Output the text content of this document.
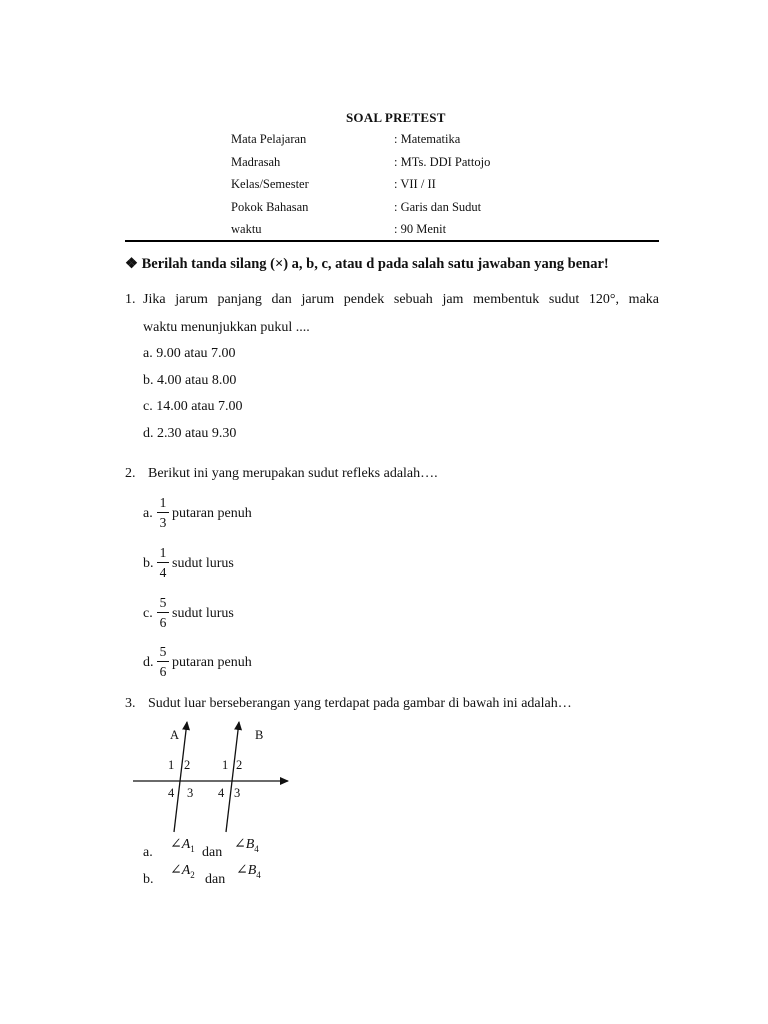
SOAL PRETEST
Mata Pelajaran	: Matematika
Madrasah	: MTs. DDI Pattojo
Kelas/Semester	: VII / II
Pokok Bahasan	: Garis dan Sudut
waktu	: 90 Menit
❖ Berilah tanda silang (×) a, b, c, atau d pada salah satu jawaban yang benar!
1. Jika jarum panjang dan jarum pendek sebuah jam membentuk sudut 120°, maka
waktu menunjukkan pukul ....
a. 9.00 atau 7.00
b. 4.00 atau 8.00
c. 14.00 atau 7.00
d. 2.30 atau 9.30
2. Berikut ini yang merupakan sudut refleks adalah….
a.
1
3
putaran penuh
b.
1
4
sudut lurus
c.
5
6
sudut lurus
d.
5
6
putaran penuh
3. Sudut luar berseberangan yang terdapat pada gambar di bawah ini adalah…
A	B
1 2	1 2
4 3 4 3
a.
$\angle A_1$ dan
$\angle B_4$
b.
$\angle A_2$ dan
$\angle B_4$
